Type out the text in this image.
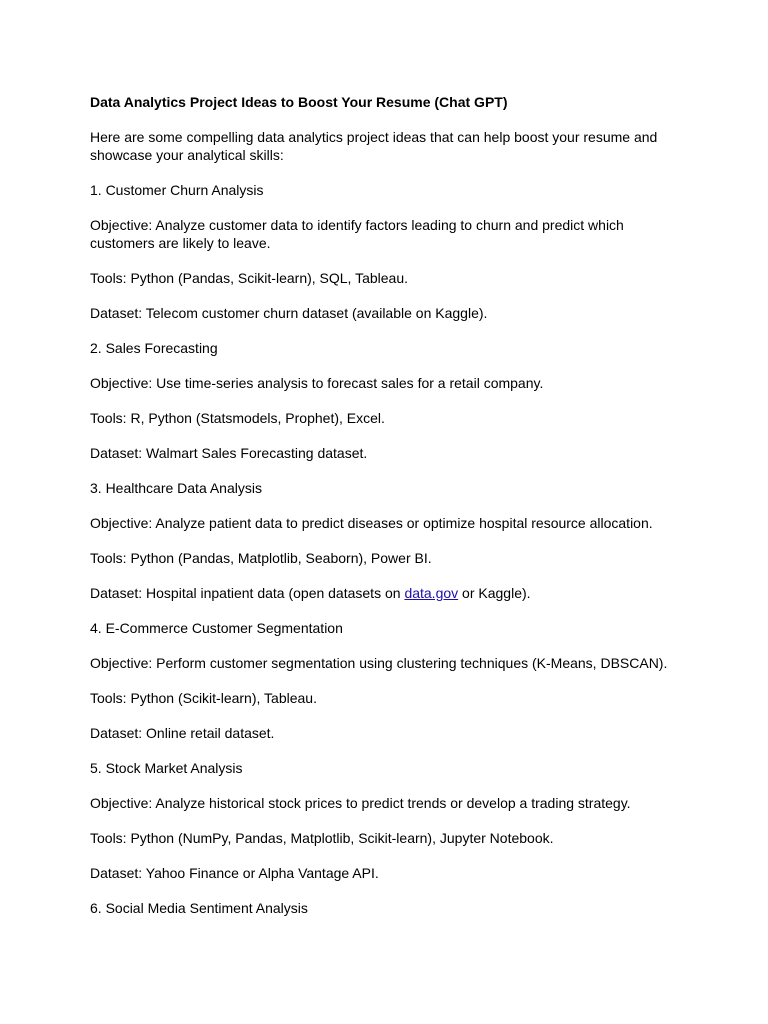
Data Analytics Project Ideas to Boost Your Resume (Chat GPT)

Here are some compelling data analytics project ideas that can help boost your resume and showcase your analytical skills:

1. Customer Churn Analysis

Objective: Analyze customer data to identify factors leading to churn and predict which customers are likely to leave.

Tools: Python (Pandas, Scikit-learn), SQL, Tableau.

Dataset: Telecom customer churn dataset (available on Kaggle).

2. Sales Forecasting

Objective: Use time-series analysis to forecast sales for a retail company.

Tools: R, Python (Statsmodels, Prophet), Excel.

Dataset: Walmart Sales Forecasting dataset.

3. Healthcare Data Analysis

Objective: Analyze patient data to predict diseases or optimize hospital resource allocation.

Tools: Python (Pandas, Matplotlib, Seaborn), Power BI.

Dataset: Hospital inpatient data (open datasets on data.gov or Kaggle).

4. E-Commerce Customer Segmentation

Objective: Perform customer segmentation using clustering techniques (K-Means, DBSCAN).

Tools: Python (Scikit-learn), Tableau.

Dataset: Online retail dataset.

5. Stock Market Analysis

Objective: Analyze historical stock prices to predict trends or develop a trading strategy.

Tools: Python (NumPy, Pandas, Matplotlib, Scikit-learn), Jupyter Notebook.

Dataset: Yahoo Finance or Alpha Vantage API.

6. Social Media Sentiment Analysis
